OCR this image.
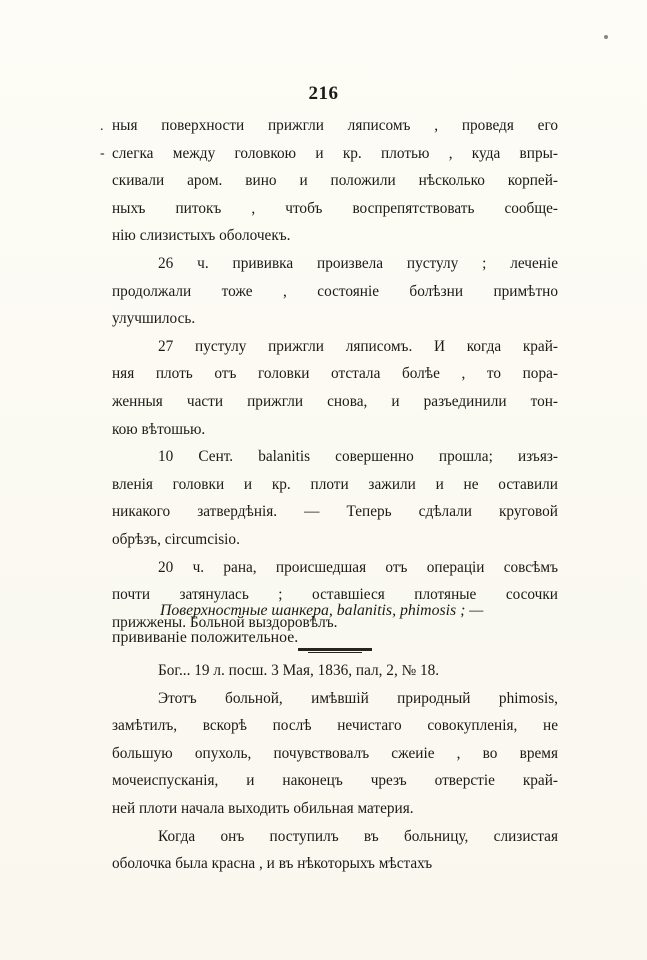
216
.
-

ныя поверхности прижгли ляписомъ , проведя его
слегка между головкою и кр. плотью , куда впры-
скивали аром. вино и положили нѣсколько корпей-
ныхъ питокъ , чтобъ воспрепятствовать сообще-
нію слизистыхъ оболочекъ.

26 ч. прививка произвела пустулу ; леченіе
продолжали тоже , состояніе болѣзни примѣтно
улучшилось.

27 пустулу прижгли ляписомъ. И когда край-
няя плоть отъ головки отстала болѣе , то пора-
женныя части прижгли снова, и разъединили тон-
кою вѣтошью.

10 Сент. balanitis совершенно прошла; изъяз-
вленія головки и кр. плоти зажили и не оставили
никакого затвердѣнія. — Теперь сдѣлали круговой
обрѣзъ, circumcisio.

20 ч. рана, происшедшая отъ операціи совсѣмъ
почти затянулась ; оставшіеся плотяные сосочки
прижжены. Больной выздоровѣлъ.

Поверхностные шанкера, balanitis, phimosis ; —
прививаніе положительное.

Бог... 19 л. посш. 3 Мая, 1836, пал, 2, № 18.

Этотъ больной, имѣвшій природный phimosis,
замѣтилъ, вскорѣ послѣ нечистаго совокупленія, не
большую опухоль, почувствовалъ сжеиіе , во время
мочеиспусканія, и наконецъ чрезъ отверстіе край-
ней плоти начала выходить обильная материя.

Когда онъ поступилъ въ больницу, слизистая
оболочка была красна , и въ нѣкоторыхъ мѣстахъ
